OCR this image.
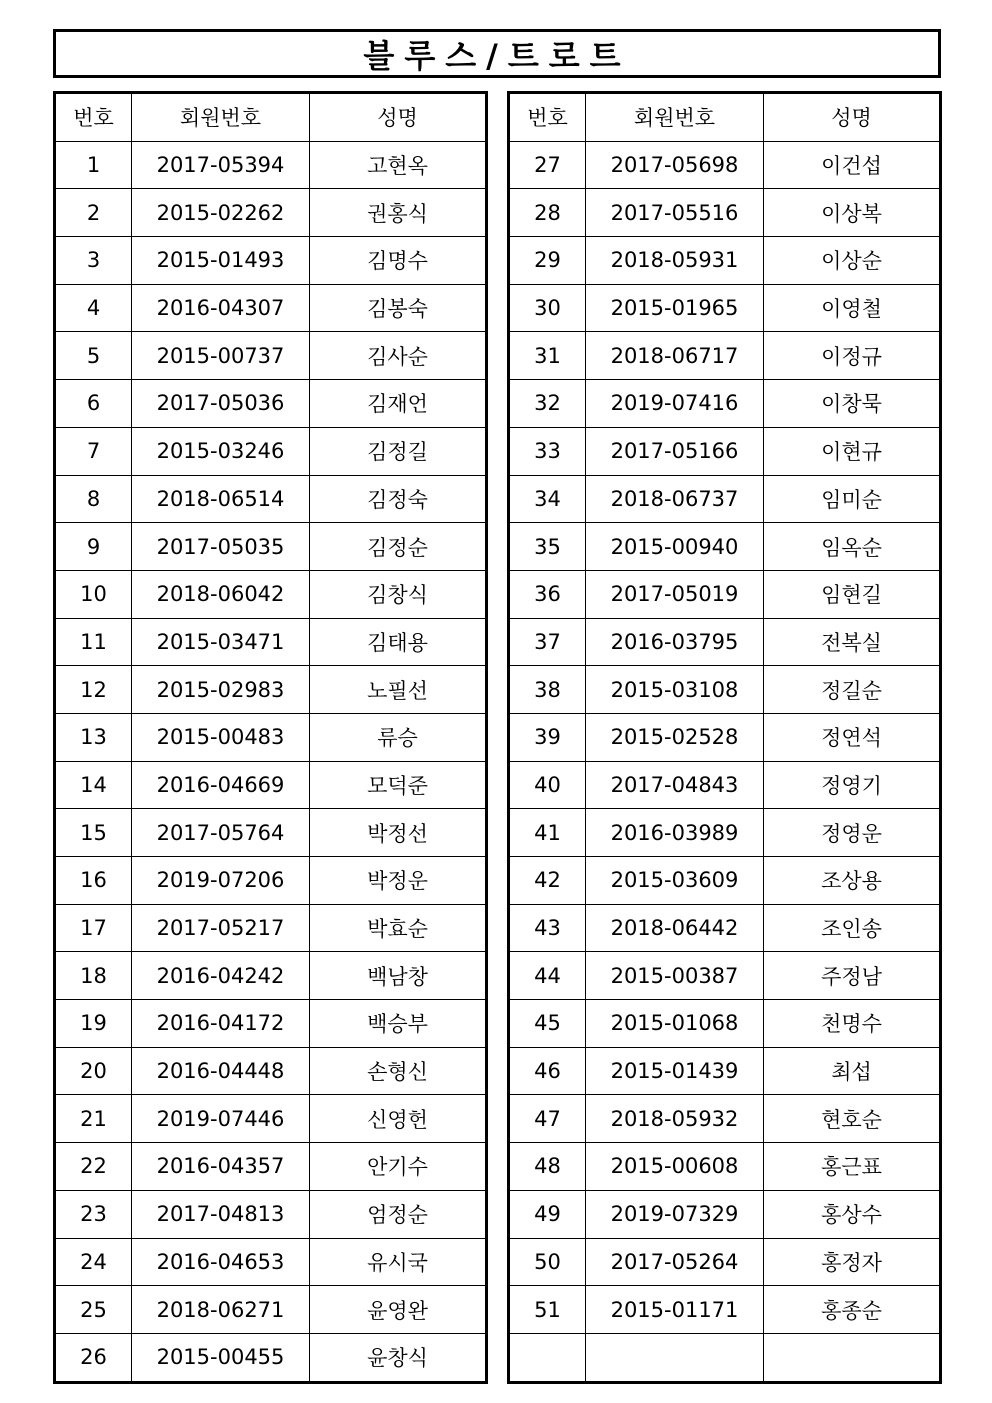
블루스/트로트
번호	회원번호	성명
1	2017-05394	고현옥
2	2015-02262	권홍식
3	2015-01493	김명수
4	2016-04307	김봉숙
5	2015-00737	김사순
6	2017-05036	김재언
7	2015-03246	김정길
8	2018-06514	김정숙
9	2017-05035	김정순
10	2018-06042	김창식
11	2015-03471	김태용
12	2015-02983	노필선
13	2015-00483	류승
14	2016-04669	모덕준
15	2017-05764	박정선
16	2019-07206	박정운
17	2017-05217	박효순
18	2016-04242	백남창
19	2016-04172	백승부
20	2016-04448	손형신
21	2019-07446	신영헌
22	2016-04357	안기수
23	2017-04813	엄정순
24	2016-04653	유시국
25	2018-06271	윤영완
26	2015-00455	윤창식
번호	회원번호	성명
27	2017-05698	이건섭
28	2017-05516	이상복
29	2018-05931	이상순
30	2015-01965	이영철
31	2018-06717	이정규
32	2019-07416	이창묵
33	2017-05166	이현규
34	2018-06737	임미순
35	2015-00940	임옥순
36	2017-05019	임현길
37	2016-03795	전복실
38	2015-03108	정길순
39	2015-02528	정연석
40	2017-04843	정영기
41	2016-03989	정영운
42	2015-03609	조상용
43	2018-06442	조인송
44	2015-00387	주정남
45	2015-01068	천명수
46	2015-01439	최섭
47	2018-05932	현호순
48	2015-00608	홍근표
49	2019-07329	홍상수
50	2017-05264	홍정자
51	2015-01171	홍종순
